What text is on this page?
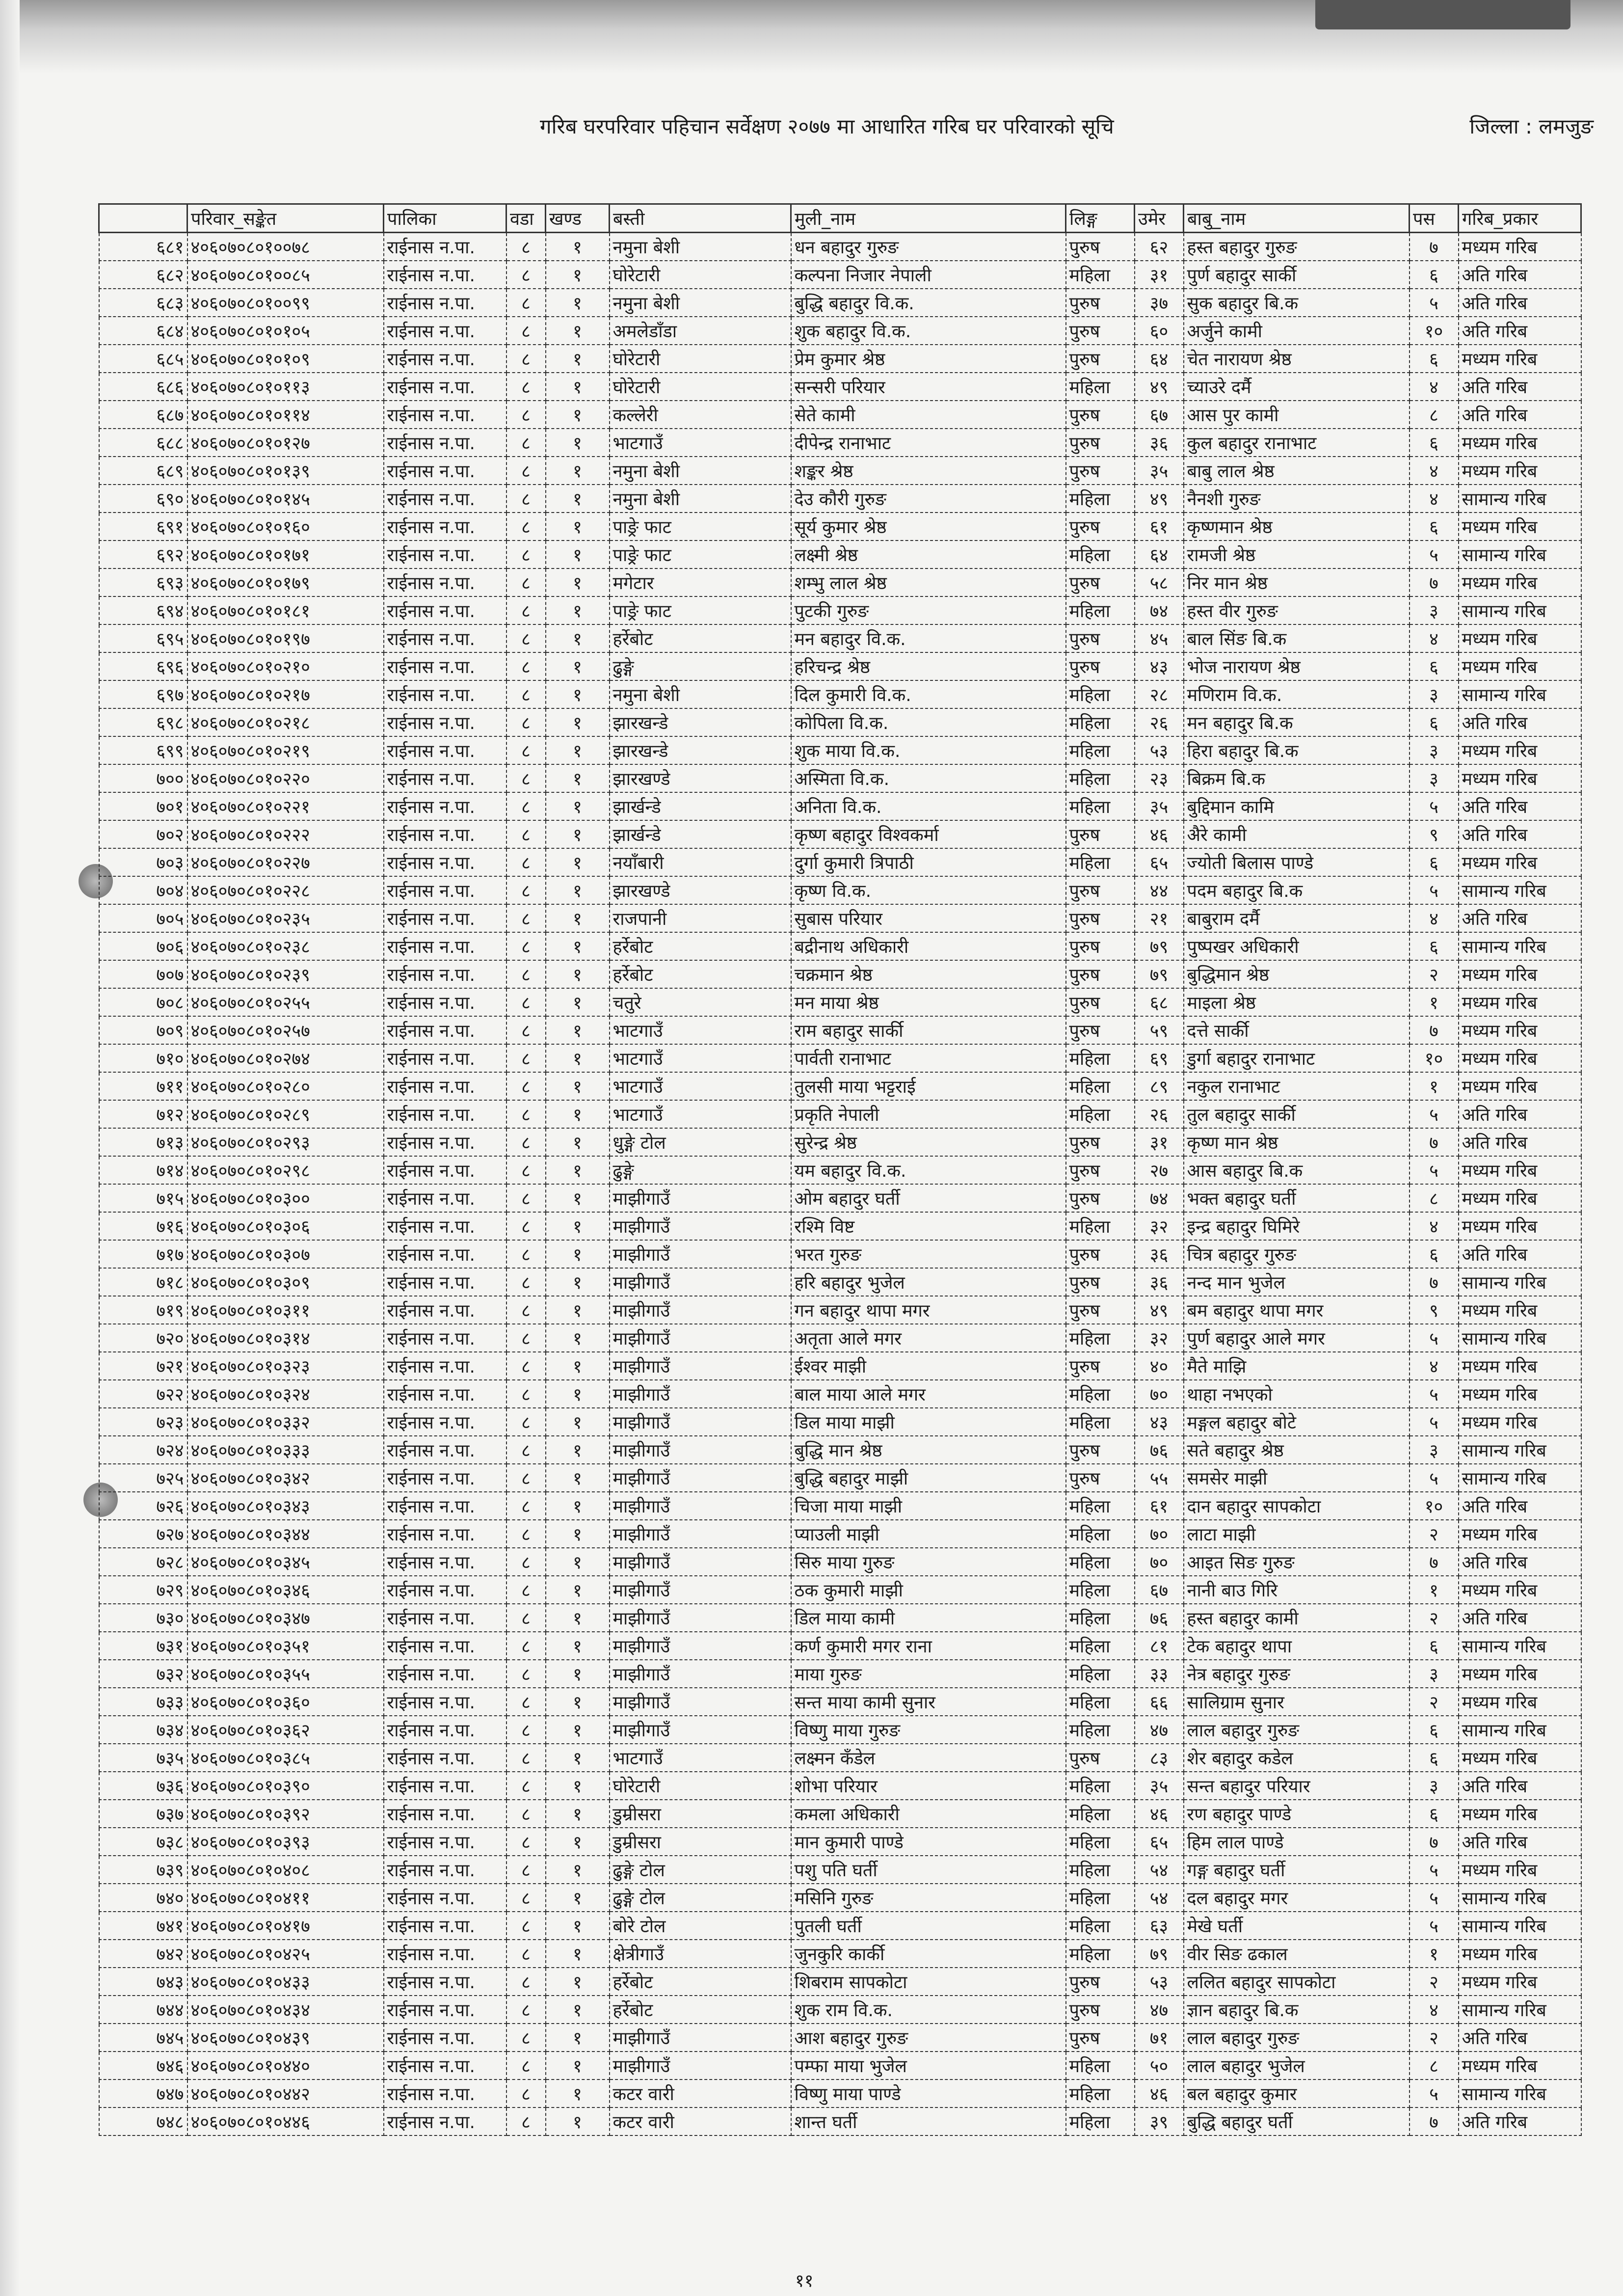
गरिब घरपरिवार पहिचान सर्वेक्षण २०७७ मा आधारित गरिब घर परिवारको सूचि	जिल्ला : लमजुङ
	परिवार_सङ्केत	पालिका	वडा	खण्ड	बस्ती	मुली_नाम	लिङ्ग	उमेर	बाबु_नाम	पस	गरिब_प्रकार
६८१	४०६०७०८०१००७८	राईनास न.पा.	८	१	नमुना बेशी	धन बहादुर गुरुङ	पुरुष	६२	हस्त बहादुर गुरुङ	७	मध्यम गरिब
६८२	४०६०७०८०१००८५	राईनास न.पा.	८	१	घोरेटारी	कल्पना निजार नेपाली	महिला	३१	पुर्ण बहादुर सार्की	६	अति गरिब
६८३	४०६०७०८०१००९९	राईनास न.पा.	८	१	नमुना बेशी	बुद्धि बहादुर वि.क.	पुरुष	३७	सुक बहादुर बि.क	५	अति गरिब
६८४	४०६०७०८०१०१०५	राईनास न.पा.	८	१	अमलेडाँडा	शुक बहादुर वि.क.	पुरुष	६०	अर्जुने कामी	१०	अति गरिब
६८५	४०६०७०८०१०१०९	राईनास न.पा.	८	१	घोरेटारी	प्रेम कुमार श्रेष्ठ	पुरुष	६४	चेत नारायण श्रेष्ठ	६	मध्यम गरिब
६८६	४०६०७०८०१०११३	राईनास न.पा.	८	१	घोरेटारी	सन्सरी परियार	महिला	४९	च्याउरे दर्मै	४	अति गरिब
६८७	४०६०७०८०१०११४	राईनास न.पा.	८	१	कल्लेरी	सेते कामी	पुरुष	६७	आस पुर कामी	८	अति गरिब
६८८	४०६०७०८०१०१२७	राईनास न.पा.	८	१	भाटगाउँ	दीपेन्द्र रानाभाट	पुरुष	३६	कुल बहादुर रानाभाट	६	मध्यम गरिब
६८९	४०६०७०८०१०१३९	राईनास न.पा.	८	१	नमुना बेशी	शङ्कर श्रेष्ठ	पुरुष	३५	बाबु लाल श्रेष्ठ	४	मध्यम गरिब
६९०	४०६०७०८०१०१४५	राईनास न.पा.	८	१	नमुना बेशी	देउ कौरी गुरुङ	महिला	४९	नैनशी गुरुङ	४	सामान्य गरिब
६९१	४०६०७०८०१०१६०	राईनास न.पा.	८	१	पाङ्रे फाट	सूर्य कुमार श्रेष्ठ	पुरुष	६१	कृष्णमान श्रेष्ठ	६	मध्यम गरिब
६९२	४०६०७०८०१०१७१	राईनास न.पा.	८	१	पाङ्रे फाट	लक्ष्मी श्रेष्ठ	महिला	६४	रामजी श्रेष्ठ	५	सामान्य गरिब
६९३	४०६०७०८०१०१७९	राईनास न.पा.	८	१	मगेटार	शम्भु लाल श्रेष्ठ	पुरुष	५८	निर मान श्रेष्ठ	७	मध्यम गरिब
६९४	४०६०७०८०१०१८१	राईनास न.पा.	८	१	पाङ्रे फाट	पुटकी गुरुङ	महिला	७४	हस्त वीर गुरुङ	३	सामान्य गरिब
६९५	४०६०७०८०१०१९७	राईनास न.पा.	८	१	हर्रेबोट	मन बहादुर वि.क.	पुरुष	४५	बाल सिंङ बि.क	४	मध्यम गरिब
६९६	४०६०७०८०१०२१०	राईनास न.पा.	८	१	ढुङ्गे	हरिचन्द्र श्रेष्ठ	पुरुष	४३	भोज नारायण श्रेष्ठ	६	मध्यम गरिब
६९७	४०६०७०८०१०२१७	राईनास न.पा.	८	१	नमुना बेशी	दिल कुमारी वि.क.	महिला	२८	मणिराम वि.क.	३	सामान्य गरिब
६९८	४०६०७०८०१०२१८	राईनास न.पा.	८	१	झारखन्डे	कोपिला वि.क.	महिला	२६	मन बहादुर बि.क	६	अति गरिब
६९९	४०६०७०८०१०२१९	राईनास न.पा.	८	१	झारखन्डे	शुक माया वि.क.	महिला	५३	हिरा बहादुर बि.क	३	मध्यम गरिब
७००	४०६०७०८०१०२२०	राईनास न.पा.	८	१	झारखण्डे	अस्मिता वि.क.	महिला	२३	बिक्रम बि.क	३	मध्यम गरिब
७०१	४०६०७०८०१०२२१	राईनास न.पा.	८	१	झार्खन्डे	अनिता वि.क.	महिला	३५	बुद्दिमान कामि	५	अति गरिब
७०२	४०६०७०८०१०२२२	राईनास न.पा.	८	१	झार्खन्डे	कृष्ण बहादुर विश्वकर्मा	पुरुष	४६	अैरे कामी	९	अति गरिब
७०३	४०६०७०८०१०२२७	राईनास न.पा.	८	१	नयाँबारी	दुर्गा कुमारी त्रिपाठी	महिला	६५	ज्योती बिलास पाण्डे	६	मध्यम गरिब
७०४	४०६०७०८०१०२२८	राईनास न.पा.	८	१	झारखण्डे	कृष्ण वि.क.	पुरुष	४४	पदम बहादुर बि.क	५	सामान्य गरिब
७०५	४०६०७०८०१०२३५	राईनास न.पा.	८	१	राजपानी	सुबास परियार	पुरुष	२१	बाबुराम दर्मै	४	अति गरिब
७०६	४०६०७०८०१०२३८	राईनास न.पा.	८	१	हर्रेबोट	बद्रीनाथ अधिकारी	पुरुष	७९	पुष्पखर अधिकारी	६	सामान्य गरिब
७०७	४०६०७०८०१०२३९	राईनास न.पा.	८	१	हर्रेबोट	चक्रमान श्रेष्ठ	पुरुष	७९	बुद्धिमान श्रेष्ठ	२	मध्यम गरिब
७०८	४०६०७०८०१०२५५	राईनास न.पा.	८	१	चतुरे	मन माया श्रेष्ठ	पुरुष	६८	माइला श्रेष्ठ	१	मध्यम गरिब
७०९	४०६०७०८०१०२५७	राईनास न.पा.	८	१	भाटगाउँ	राम बहादुर सार्की	पुरुष	५९	दत्ते सार्की	७	मध्यम गरिब
७१०	४०६०७०८०१०२७४	राईनास न.पा.	८	१	भाटगाउँ	पार्वती रानाभाट	महिला	६९	डुर्गा बहादुर रानाभाट	१०	मध्यम गरिब
७११	४०६०७०८०१०२८०	राईनास न.पा.	८	१	भाटगाउँ	तुलसी माया भट्टराई	महिला	८९	नकुल रानाभाट	१	मध्यम गरिब
७१२	४०६०७०८०१०२८९	राईनास न.पा.	८	१	भाटगाउँ	प्रकृति नेपाली	महिला	२६	तुल बहादुर सार्की	५	अति गरिब
७१३	४०६०७०८०१०२९३	राईनास न.पा.	८	१	धुङ्गे टोल	सुरेन्द्र श्रेष्ठ	पुरुष	३१	कृष्ण मान श्रेष्ठ	७	अति गरिब
७१४	४०६०७०८०१०२९८	राईनास न.पा.	८	१	ढुङ्गे	यम बहादुर वि.क.	पुरुष	२७	आस बहादुर बि.क	५	मध्यम गरिब
७१५	४०६०७०८०१०३००	राईनास न.पा.	८	१	माझीगाउँ	ओम बहादुर घर्ती	पुरुष	७४	भक्त बहादुर घर्ती	८	मध्यम गरिब
७१६	४०६०७०८०१०३०६	राईनास न.पा.	८	१	माझीगाउँ	रश्मि विष्ट	महिला	३२	इन्द्र बहादुर घिमिरे	४	मध्यम गरिब
७१७	४०६०७०८०१०३०७	राईनास न.पा.	८	१	माझीगाउँ	भरत गुरुङ	पुरुष	३६	चित्र बहादुर गुरुङ	६	अति गरिब
७१८	४०६०७०८०१०३०९	राईनास न.पा.	८	१	माझीगाउँ	हरि बहादुर भुजेल	पुरुष	३६	नन्द मान भुजेल	७	सामान्य गरिब
७१९	४०६०७०८०१०३११	राईनास न.पा.	८	१	माझीगाउँ	गन बहादुर थापा मगर	पुरुष	४९	बम बहादुर थापा मगर	९	मध्यम गरिब
७२०	४०६०७०८०१०३१४	राईनास न.पा.	८	१	माझीगाउँ	अतृता आले मगर	महिला	३२	पुर्ण बहादुर आले मगर	५	सामान्य गरिब
७२१	४०६०७०८०१०३२३	राईनास न.पा.	८	१	माझीगाउँ	ईश्वर माझी	पुरुष	४०	मैते माझि	४	मध्यम गरिब
७२२	४०६०७०८०१०३२४	राईनास न.पा.	८	१	माझीगाउँ	बाल माया आले मगर	महिला	७०	थाहा नभएको	५	मध्यम गरिब
७२३	४०६०७०८०१०३३२	राईनास न.पा.	८	१	माझीगाउँ	डिल माया माझी	महिला	४३	मङ्गल बहादुर बोटे	५	मध्यम गरिब
७२४	४०६०७०८०१०३३३	राईनास न.पा.	८	१	माझीगाउँ	बुद्धि मान श्रेष्ठ	पुरुष	७६	सते बहादुर श्रेष्ठ	३	सामान्य गरिब
७२५	४०६०७०८०१०३४२	राईनास न.पा.	८	१	माझीगाउँ	बुद्धि बहादुर माझी	पुरुष	५५	समसेर माझी	५	सामान्य गरिब
७२६	४०६०७०८०१०३४३	राईनास न.पा.	८	१	माझीगाउँ	चिजा माया माझी	महिला	६१	दान बहादुर सापकोटा	१०	अति गरिब
७२७	४०६०७०८०१०३४४	राईनास न.पा.	८	१	माझीगाउँ	प्याउली माझी	महिला	७०	लाटा माझी	२	मध्यम गरिब
७२८	४०६०७०८०१०३४५	राईनास न.पा.	८	१	माझीगाउँ	सिरु माया गुरुङ	महिला	७०	आइत सिङ गुरुङ	७	अति गरिब
७२९	४०६०७०८०१०३४६	राईनास न.पा.	८	१	माझीगाउँ	ठक कुमारी माझी	महिला	६७	नानी बाउ गिरि	१	मध्यम गरिब
७३०	४०६०७०८०१०३४७	राईनास न.पा.	८	१	माझीगाउँ	डिल माया कामी	महिला	७६	हस्त बहादुर कामी	२	अति गरिब
७३१	४०६०७०८०१०३५१	राईनास न.पा.	८	१	माझीगाउँ	कर्ण कुमारी मगर राना	महिला	८१	टेक बहादुर थापा	६	सामान्य गरिब
७३२	४०६०७०८०१०३५५	राईनास न.पा.	८	१	माझीगाउँ	माया गुरुङ	महिला	३३	नेत्र बहादुर गुरुङ	३	मध्यम गरिब
७३३	४०६०७०८०१०३६०	राईनास न.पा.	८	१	माझीगाउँ	सन्त माया कामी सुनार	महिला	६६	सालिग्राम सुनार	२	मध्यम गरिब
७३४	४०६०७०८०१०३६२	राईनास न.पा.	८	१	माझीगाउँ	विष्णु माया गुरुङ	महिला	४७	लाल बहादुर गुरुङ	६	सामान्य गरिब
७३५	४०६०७०८०१०३८५	राईनास न.पा.	८	१	भाटगाउँ	लक्ष्मन कँडेल	पुरुष	८३	शेर बहादुर कडेल	६	मध्यम गरिब
७३६	४०६०७०८०१०३९०	राईनास न.पा.	८	१	घोरेटारी	शोभा परियार	महिला	३५	सन्त बहादुर परियार	३	अति गरिब
७३७	४०६०७०८०१०३९२	राईनास न.पा.	८	१	डुम्रीसरा	कमला अधिकारी	महिला	४६	रण बहादुर पाण्डे	६	मध्यम गरिब
७३८	४०६०७०८०१०३९३	राईनास न.पा.	८	१	डुम्रीसरा	मान कुमारी पाण्डे	महिला	६५	हिम लाल पाण्डे	७	अति गरिब
७३९	४०६०७०८०१०४०८	राईनास न.पा.	८	१	ढुङ्गे टोल	पशु पति घर्ती	महिला	५४	गङ्ग बहादुर घर्ती	५	मध्यम गरिब
७४०	४०६०७०८०१०४११	राईनास न.पा.	८	१	ढुङ्गे टोल	मसिनि गुरुङ	महिला	५४	दल बहादुर मगर	५	सामान्य गरिब
७४१	४०६०७०८०१०४१७	राईनास न.पा.	८	१	बोरे टोल	पुतली घर्ती	महिला	६३	मेखे घर्ती	५	सामान्य गरिब
७४२	४०६०७०८०१०४२५	राईनास न.पा.	८	१	क्षेत्रीगाउँ	जुनकुरि कार्की	महिला	७९	वीर सिङ ढकाल	१	मध्यम गरिब
७४३	४०६०७०८०१०४३३	राईनास न.पा.	८	१	हर्रेबोट	शिबराम सापकोटा	पुरुष	५३	ललित बहादुर सापकोटा	२	मध्यम गरिब
७४४	४०६०७०८०१०४३४	राईनास न.पा.	८	१	हर्रेबोट	शुक राम वि.क.	पुरुष	४७	ज्ञान बहादुर बि.क	४	सामान्य गरिब
७४५	४०६०७०८०१०४३९	राईनास न.पा.	८	१	माझीगाउँ	आश बहादुर गुरुङ	पुरुष	७१	लाल बहादुर गुरुङ	२	अति गरिब
७४६	४०६०७०८०१०४४०	राईनास न.पा.	८	१	माझीगाउँ	पम्फा माया भुजेल	महिला	५०	लाल बहादुर भुजेल	८	मध्यम गरिब
७४७	४०६०७०८०१०४४२	राईनास न.पा.	८	१	कटर वारी	विष्णु माया पाण्डे	महिला	४६	बल बहादुर कुमार	५	सामान्य गरिब
७४८	४०६०७०८०१०४४६	राईनास न.पा.	८	१	कटर वारी	शान्त घर्ती	महिला	३९	बुद्धि बहादुर घर्ती	७	अति गरिब
११
